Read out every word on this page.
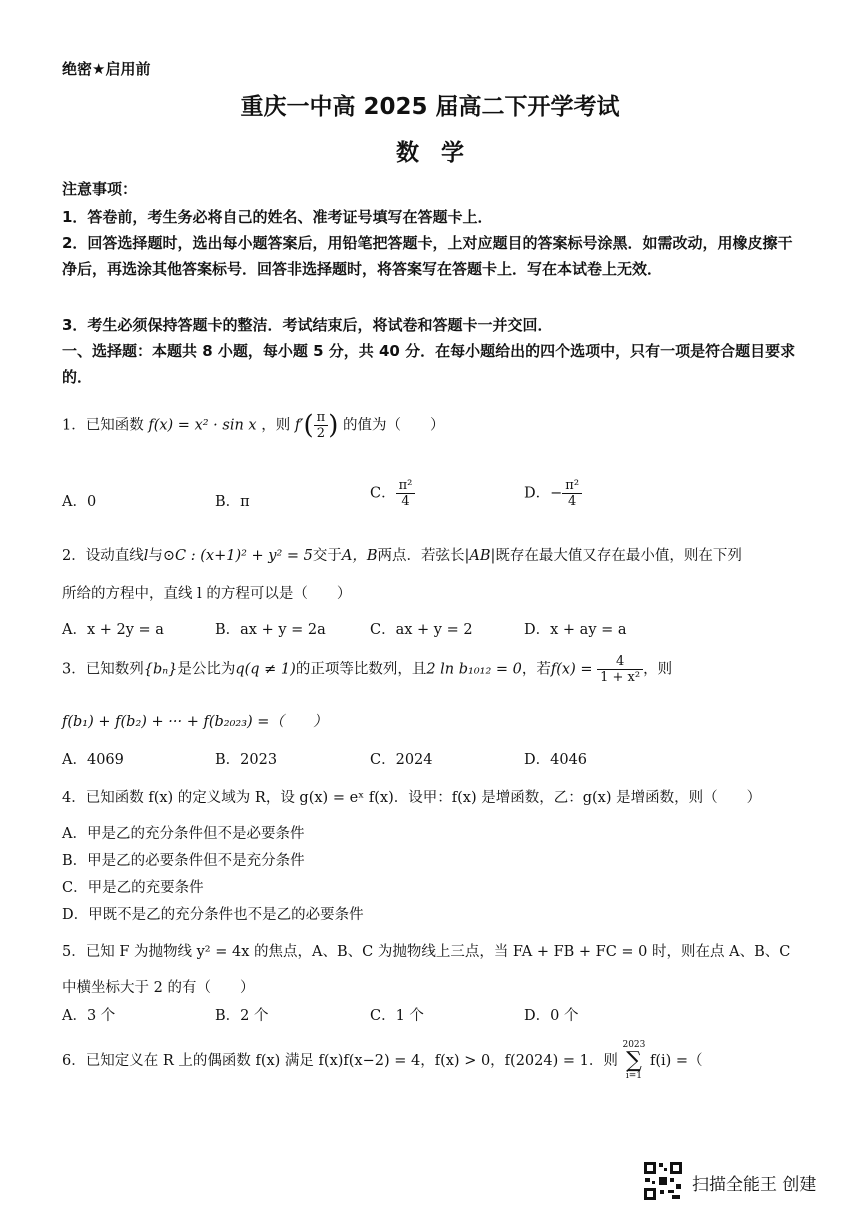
绝密★启用前
重庆一中高 2025 届高二下开学考试
数学
注意事项：
1．答卷前，考生务必将自己的姓名、准考证号填写在答题卡上．
2．回答选择题时，选出每小题答案后，用铅笔把答题卡，上对应题目的答案标号涂黑．如需改动，用橡皮擦干净后，再选涂其他答案标号．回答非选择题时，将答案写在答题卡上．写在本试卷上无效．
3．考生必须保持答题卡的整洁．考试结束后，将试卷和答题卡一并交回．
一、选择题：本题共 8 小题，每小题 5 分，共 40 分．在每小题给出的四个选项中，只有一项是符合题目要求的．
1．已知函数 f(x) = x² · sin x ，则 $f'( \frac{\pi}{2}$ ) 的值为（　　）
A．0	B．π
C． $\frac{\text{π²}}{4}$	D．− $\frac{\text{π²}}{4}$
2．设动直线l与⊙C : (x+1)² + y² = 5交于A，B两点．若弦长|AB|既存在最大值又存在最小值，则在下列
所给的方程中，直线 l 的方程可以是（　　）
A．x + 2y = a	B．ax + y = 2a	C．ax + y = 2	D．x + ay = a
3．已知数列{bₙ}是公比为q(q ≠ 1)的正项等比数列，且2 ln b₁₀₁₂ = 0，若$f(x) = \frac{4}{\text{1 + x²}}$ ，则
f(b₁) + f(b₂) + ··· + f(b₂₀₂₃) =（　　）
A．4069	B．2023	C．2024	D．4046
4．已知函数 f(x) 的定义域为 R，设 g(x) = eˣ f(x)．设甲：f(x) 是增函数，乙：g(x) 是增函数，则（　　）
A．甲是乙的充分条件但不是必要条件
B．甲是乙的必要条件但不是充分条件
C．甲是乙的充要条件
D．甲既不是乙的充分条件也不是乙的必要条件
5．已知 F 为抛物线 y² = 4x 的焦点，A、B、C 为抛物线上三点，当 FA + FB + FC = 0 时，则在点 A、B、C
中横坐标大于 2 的有（　　）
A．3 个	B．2 个	C．1 个	D．0 个
6．已知定义在 R 上的偶函数 f(x) 满足 f(x)f(x−2) = 4，f(x) > 0，f(2024) = 1．则 2023
∑
i=1 f(i) =（
扫描全能王 创建
